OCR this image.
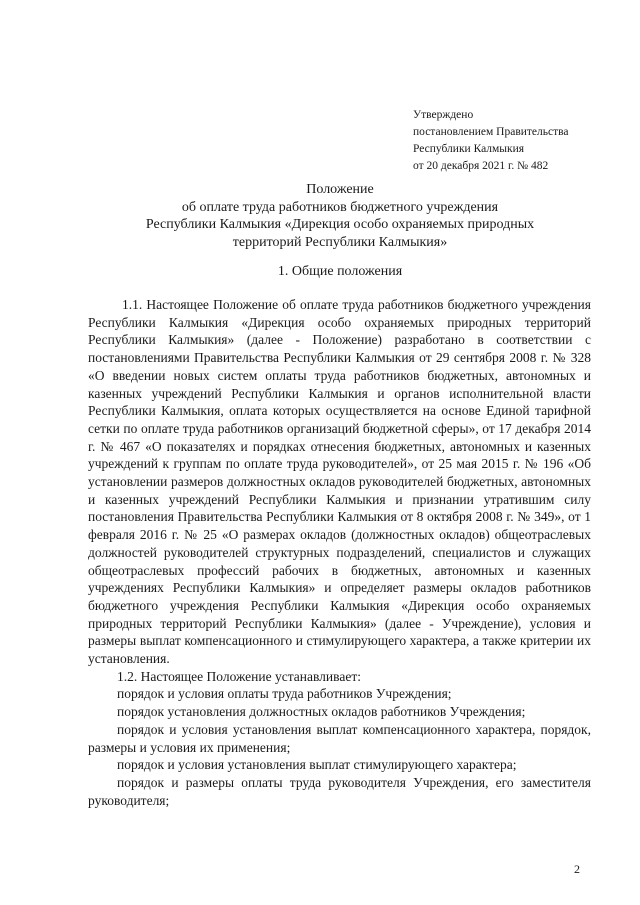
Утверждено
постановлением Правительства
Республики Калмыкия
от 20 декабря 2021 г. № 482
Положение
об оплате труда работников бюджетного учреждения
Республики Калмыкия «Дирекция особо охраняемых природных
территорий Республики Калмыкия»
1. Общие положения

1.1. Настоящее Положение об оплате труда работников бюджетного учреждения Республики Калмыкия «Дирекция особо охраняемых природных территорий Республики Калмыкия» (далее - Положение) разработано в соответствии с постановлениями Правительства Республики Калмыкия от 29 сентября 2008 г. № 328 «О введении новых систем оплаты труда работников бюджетных, автономных и казенных учреждений Республики Калмыкия и органов исполнительной власти Республики Калмыкия, оплата которых осуществляется на основе Единой тарифной сетки по оплате труда работников организаций бюджетной сферы», от 17 декабря 2014 г. № 467 «О показателях и порядках отнесения бюджетных, автономных и казенных учреждений к группам по оплате труда руководителей», от 25 мая 2015 г. № 196 «Об установлении размеров должностных окладов руководителей бюджетных, автономных и казенных учреждений Республики Калмыкия и признании утратившим силу постановления Правительства Республики Калмыкия от 8 октября 2008 г. № 349», от 1 февраля 2016 г. № 25 «О размерах окладов (должностных окладов) общеотраслевых должностей руководителей структурных подразделений, специалистов и служащих общеотраслевых профессий рабочих в бюджетных, автономных и казенных учреждениях Республики Калмыкия» и определяет размеры окладов работников бюджетного учреждения Республики Калмыкия «Дирекция особо охраняемых природных территорий Республики Калмыкия» (далее - Учреждение), условия и размеры выплат компенсационного и стимулирующего характера, а также критерии их установления.

1.2. Настоящее Положение устанавливает:

порядок и условия оплаты труда работников Учреждения;

порядок установления должностных окладов работников Учреждения;

порядок и условия установления выплат компенсационного характера, порядок, размеры и условия их применения;

порядок и условия установления выплат стимулирующего характера;

порядок и размеры оплаты труда руководителя Учреждения, его заместителя руководителя;

2
